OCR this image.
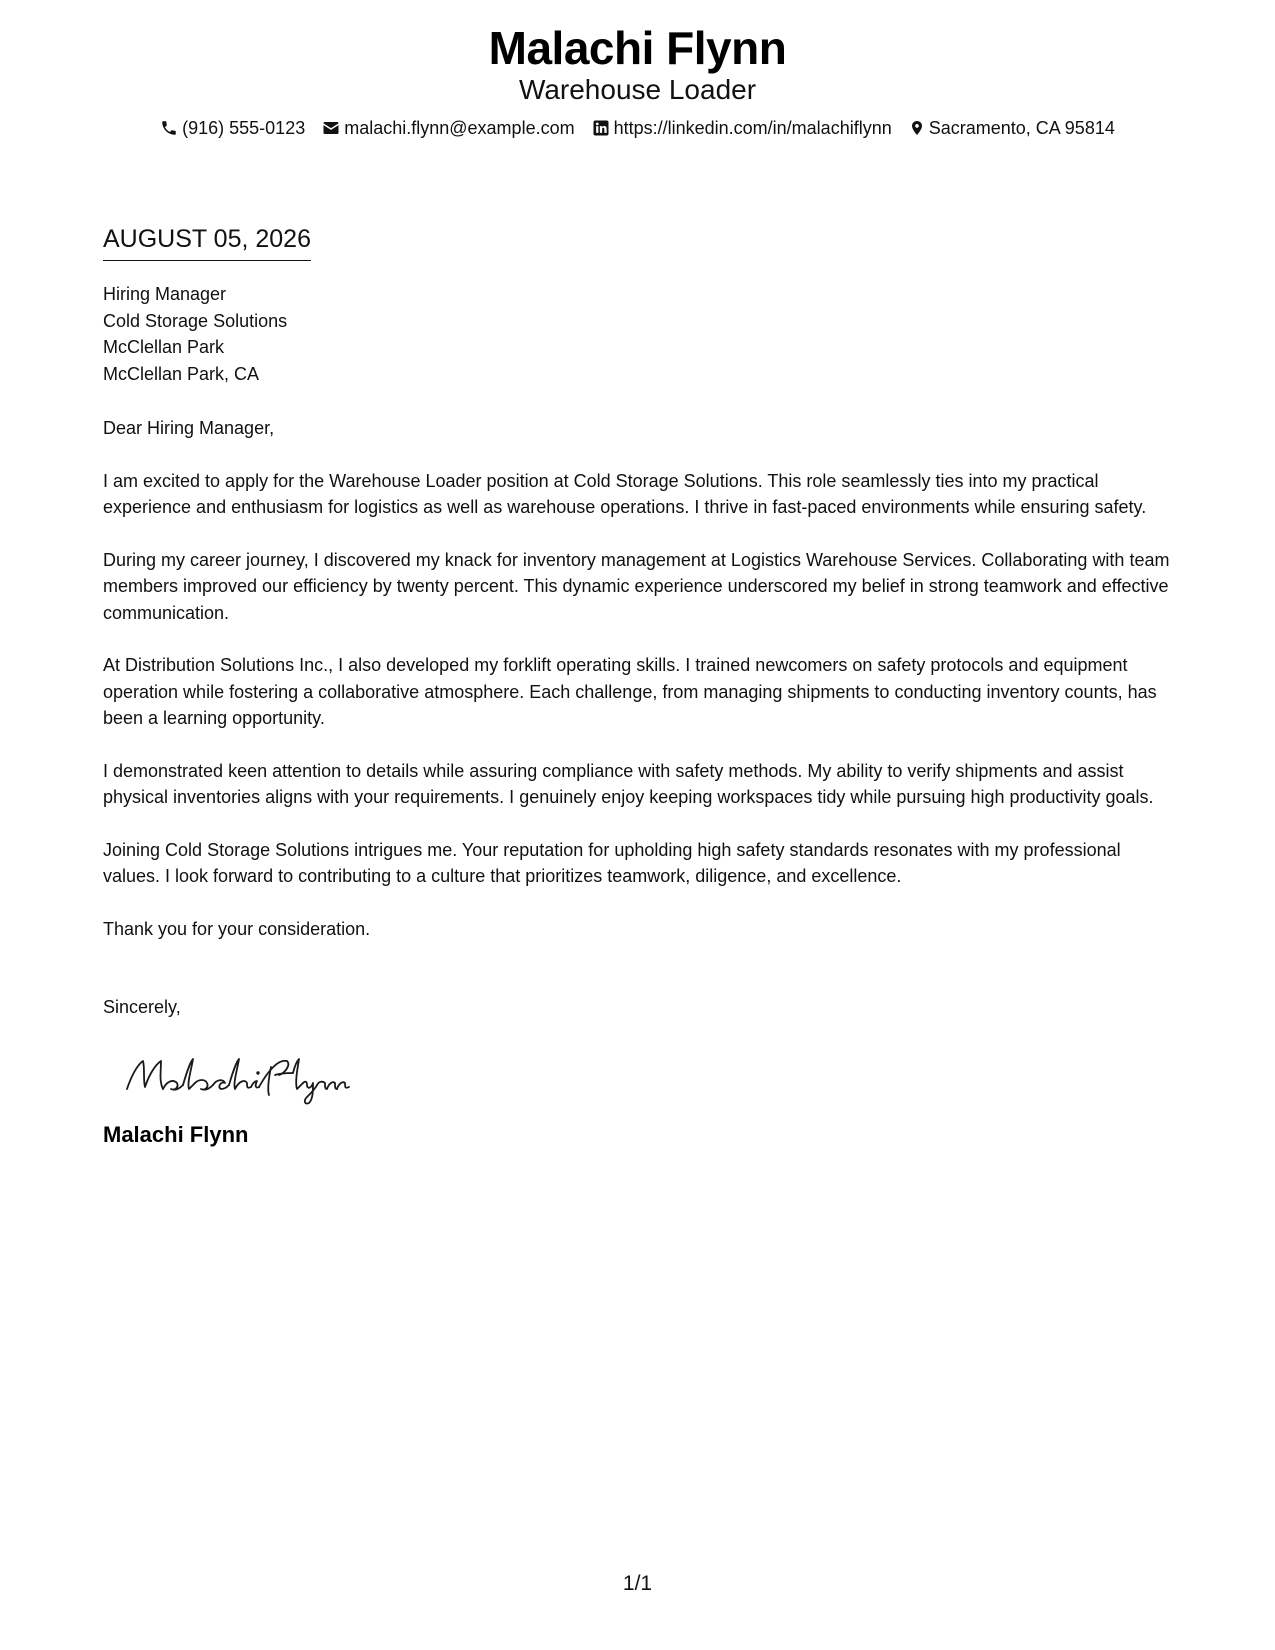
Malachi Flynn
Warehouse Loader
(916) 555-0123 malachi.flynn@example.com https://linkedin.com/in/malachiflynn Sacramento, CA 95814
AUGUST 05, 2026
Hiring Manager
Cold Storage Solutions
McClellan Park
McClellan Park, CA
Dear Hiring Manager,
I am excited to apply for the Warehouse Loader position at Cold Storage Solutions. This role seamlessly ties into my practical experience and enthusiasm for logistics as well as warehouse operations. I thrive in fast-paced environments while ensuring safety.
During my career journey, I discovered my knack for inventory management at Logistics Warehouse Services. Collaborating with team members improved our efficiency by twenty percent. This dynamic experience underscored my belief in strong teamwork and effective communication.
At Distribution Solutions Inc., I also developed my forklift operating skills. I trained newcomers on safety protocols and equipment operation while fostering a collaborative atmosphere. Each challenge, from managing shipments to conducting inventory counts, has been a learning opportunity.
I demonstrated keen attention to details while assuring compliance with safety methods. My ability to verify shipments and assist physical inventories aligns with your requirements. I genuinely enjoy keeping workspaces tidy while pursuing high productivity goals.
Joining Cold Storage Solutions intrigues me. Your reputation for upholding high safety standards resonates with my professional values. I look forward to contributing to a culture that prioritizes teamwork, diligence, and excellence.
Thank you for your consideration.
Sincerely,
Malachi Flynn
1/1
